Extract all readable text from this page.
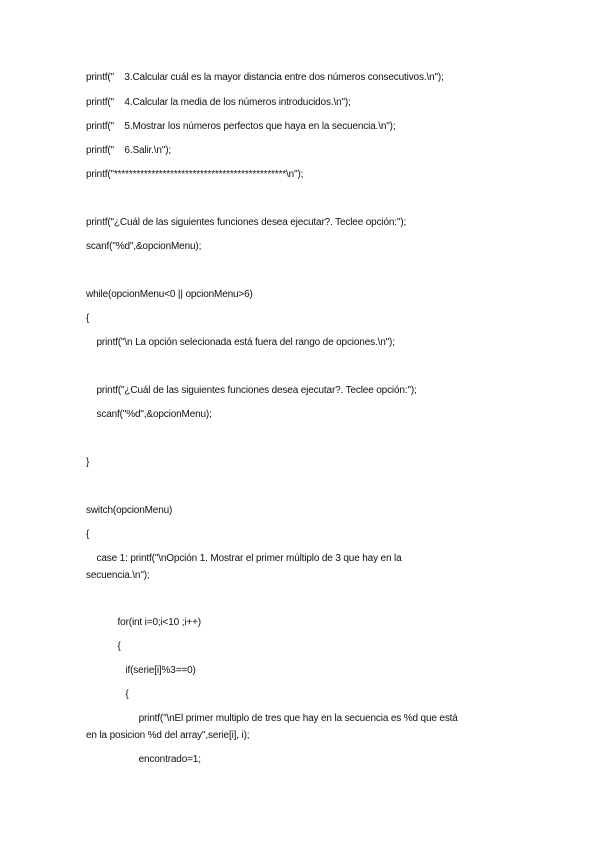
printf("    3.Calcular cuál es la mayor distancia entre dos números consecutivos.\n");
printf("    4.Calcular la media de los números introducidos.\n");
printf("    5.Mostrar los números perfectos que haya en la secuencia.\n");
printf("    6.Salir.\n");
printf("**********************************************\n");
printf("¿Cuál de las siguientes funciones desea ejecutar?. Teclee opción:");
scanf("%d",&opcionMenu);
while(opcionMenu<0 || opcionMenu>6)
{
printf("\n La opción selecionada está fuera del rango de opciones.\n");
printf("¿Cuál de las siguientes funciones desea ejecutar?. Teclee opción:");
scanf("%d",&opcionMenu);
}
switch(opcionMenu)
{
case 1: printf("\nOpción 1. Mostrar el primer múltiplo de 3 que hay en la
secuencia.\n");
for(int i=0;i<10 ;i++)
{
if(serie[i]%3==0)
{
printf("\nEl primer multiplo de tres que hay en la secuencia es %d que está
en la posicion %d del array",serie[i], i);
encontrado=1;
